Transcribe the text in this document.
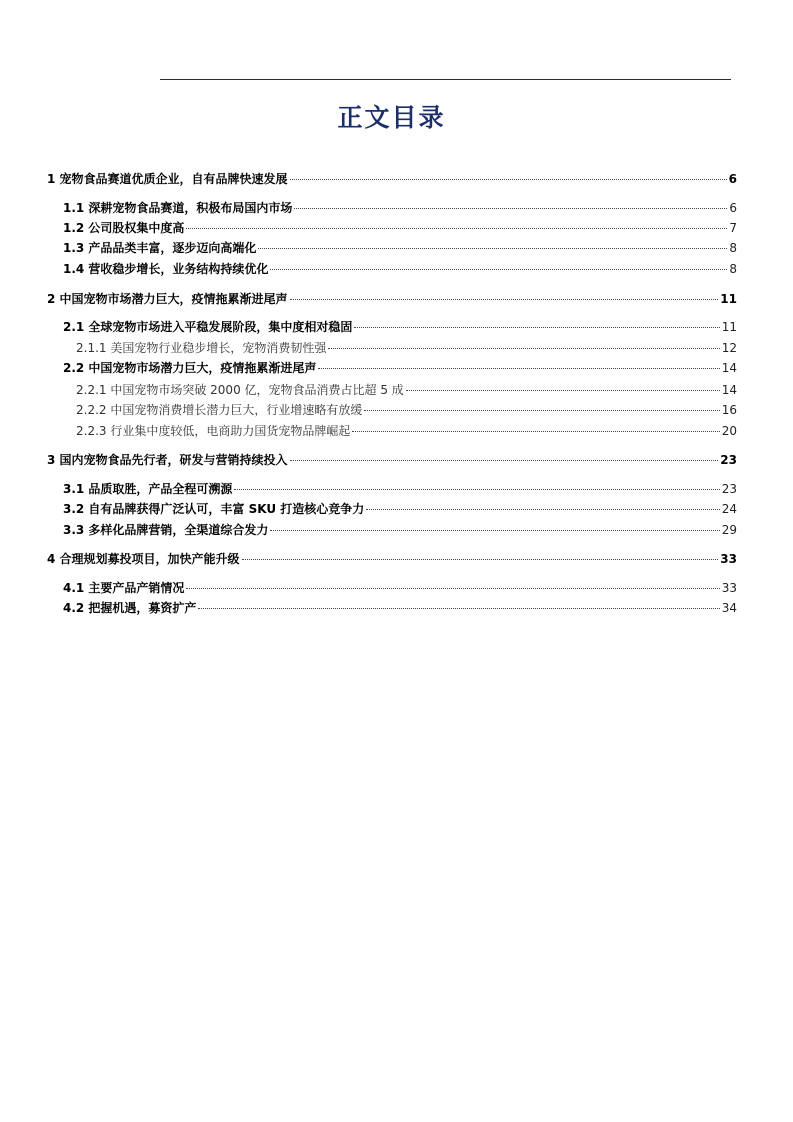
正文目录
1 宠物食品赛道优质企业，自有品牌快速发展	6
1.1 深耕宠物食品赛道，积极布局国内市场	6
1.2 公司股权集中度高	7
1.3 产品品类丰富，逐步迈向高端化	8
1.4 营收稳步增长，业务结构持续优化	8
2 中国宠物市场潜力巨大，疫情拖累渐进尾声	11
2.1 全球宠物市场进入平稳发展阶段，集中度相对稳固	11
2.1.1 美国宠物行业稳步增长，宠物消费韧性强	12
2.2 中国宠物市场潜力巨大，疫情拖累渐进尾声	14
2.2.1 中国宠物市场突破 2000 亿，宠物食品消费占比超 5 成	14
2.2.2 中国宠物消费增长潜力巨大，行业增速略有放缓	16
2.2.3 行业集中度较低，电商助力国货宠物品牌崛起	20
3 国内宠物食品先行者，研发与营销持续投入	23
3.1 品质取胜，产品全程可溯源	23
3.2 自有品牌获得广泛认可，丰富 SKU 打造核心竞争力	24
3.3 多样化品牌营销，全渠道综合发力	29
4 合理规划募投项目，加快产能升级	33
4.1 主要产品产销情况	33
4.2 把握机遇，募资扩产	34
